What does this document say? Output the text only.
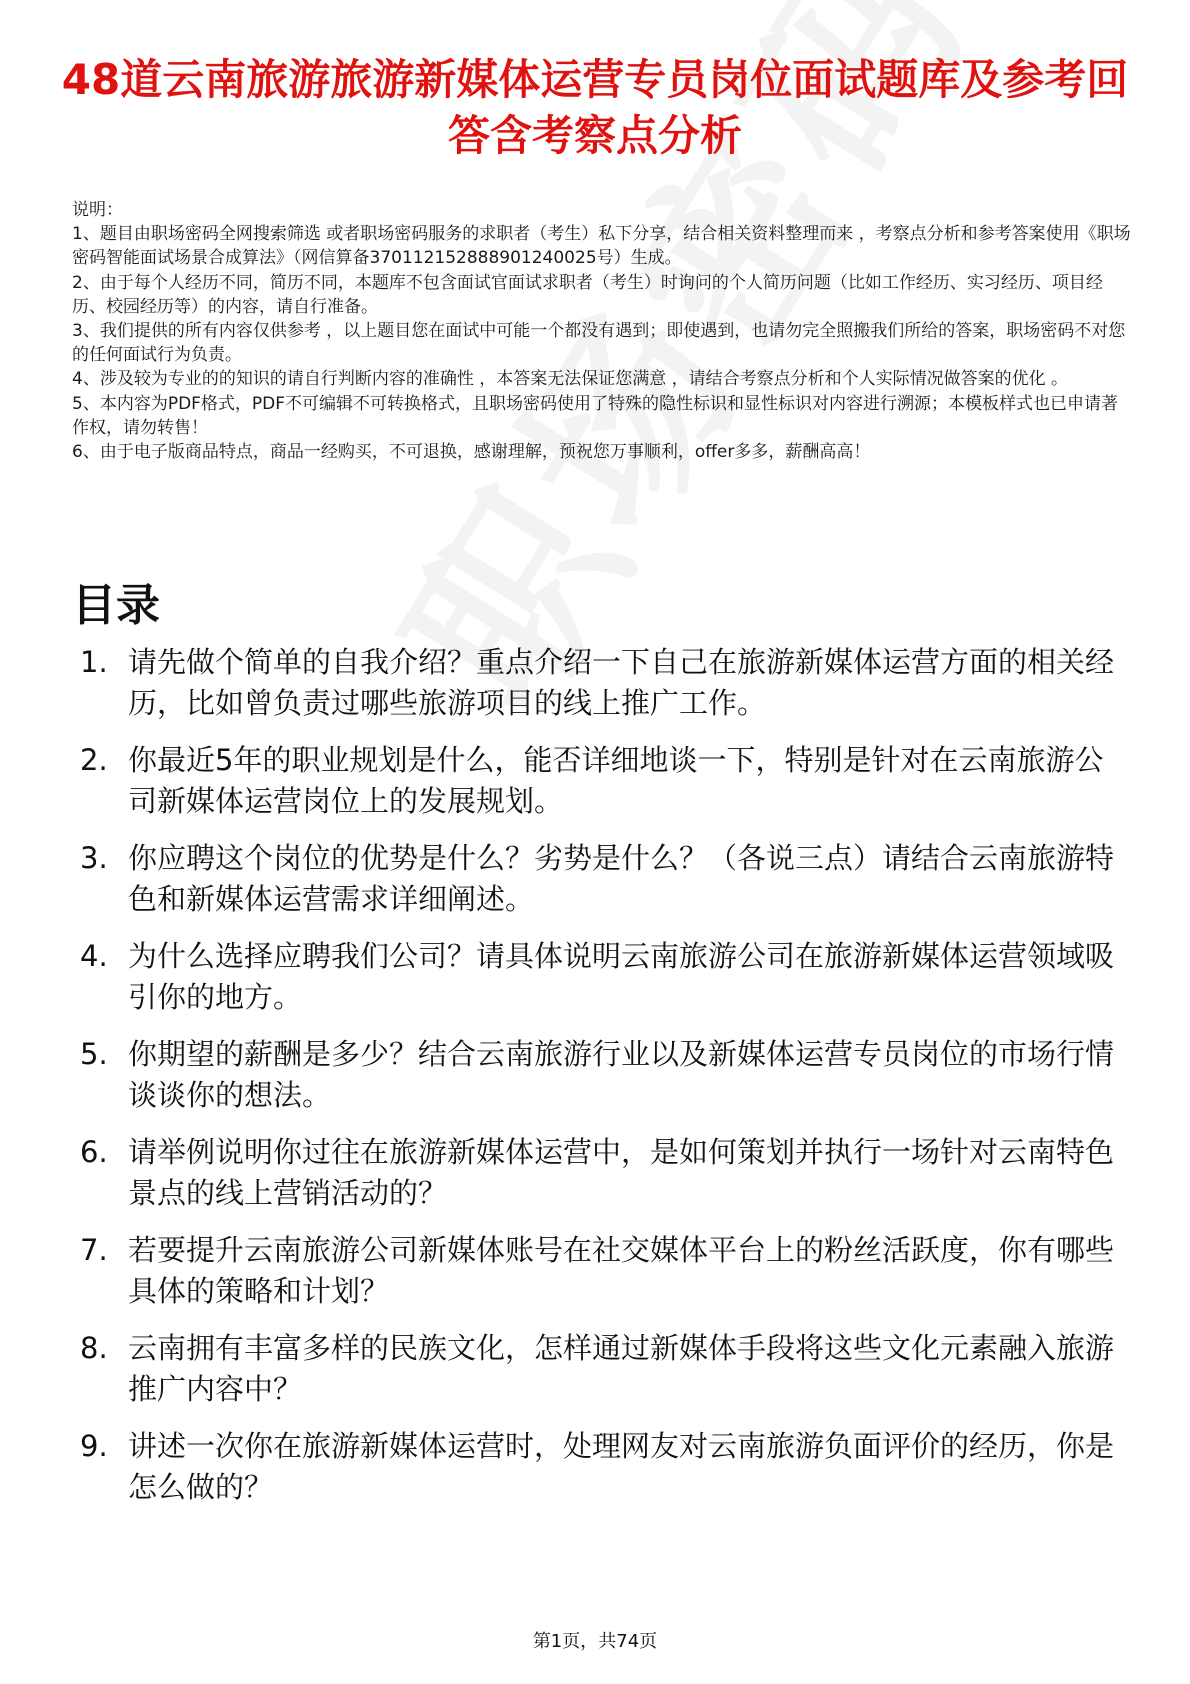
48道云南旅游旅游新媒体运营专员岗位面试题库及参考回答含考察点分析

说明：

1、题目由职场密码全网搜索筛选 或者职场密码服务的求职者（考生）私下分享，结合相关资料整理而来 ，考察点分析和参考答案使用《职场密码智能面试场景合成算法》（网信算备370112152888901240025号）生成。

2、由于每个人经历不同，简历不同，本题库不包含面试官面试求职者（考生）时询问的个人简历问题（比如工作经历、实习经历、项目经历、校园经历等）的内容，请自行准备。

3、我们提供的所有内容仅供参考 ，以上题目您在面试中可能一个都没有遇到；即使遇到，也请勿完全照搬我们所给的答案，职场密码不对您的任何面试行为负责。

4、涉及较为专业的的知识的请自行判断内容的准确性 ，本答案无法保证您满意 ，请结合考察点分析和个人实际情况做答案的优化 。

5、本内容为PDF格式，PDF不可编辑不可转换格式，且职场密码使用了特殊的隐性标识和显性标识对内容进行溯源；本模板样式也已申请著作权，请勿转售！

6、由于电子版商品特点，商品一经购买，不可退换，感谢理解，预祝您万事顺利，offer多多，薪酬高高！

目录
1. 请先做个简单的自我介绍？重点介绍一下自己在旅游新媒体运营方面的相关经历，比如曾负责过哪些旅游项目的线上推广工作。
2. 你最近5年的职业规划是什么，能否详细地谈一下，特别是针对在云南旅游公司新媒体运营岗位上的发展规划。
3. 你应聘这个岗位的优势是什么？劣势是什么？（各说三点）请结合云南旅游特色和新媒体运营需求详细阐述。
4. 为什么选择应聘我们公司？请具体说明云南旅游公司在旅游新媒体运营领域吸引你的地方。
5. 你期望的薪酬是多少？结合云南旅游行业以及新媒体运营专员岗位的市场行情谈谈你的想法。
6. 请举例说明你过往在旅游新媒体运营中，是如何策划并执行一场针对云南特色景点的线上营销活动的？
7. 若要提升云南旅游公司新媒体账号在社交媒体平台上的粉丝活跃度，你有哪些具体的策略和计划？
8. 云南拥有丰富多样的民族文化，怎样通过新媒体手段将这些文化元素融入旅游推广内容中？
9. 讲述一次你在旅游新媒体运营时，处理网友对云南旅游负面评价的经历，你是怎么做的？
第1页，共74页
